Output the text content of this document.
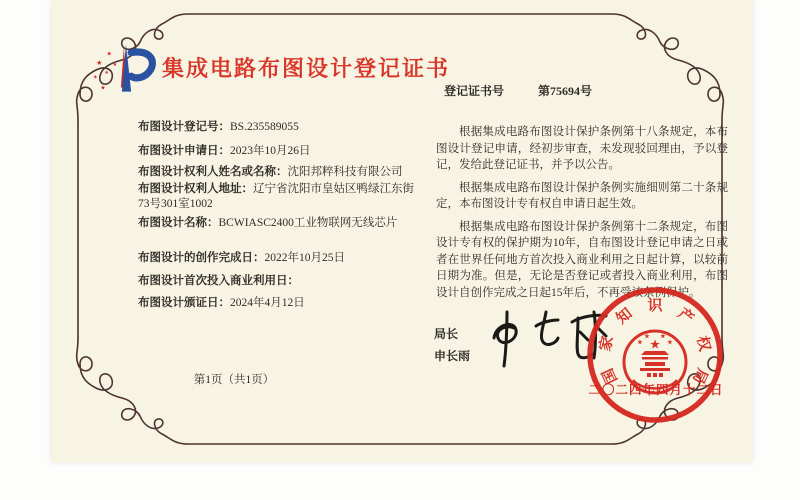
★
★
★
★
★
★
集成电路布图设计登记证书
登记证书号	第75694号

布图设计登记号：BS.235589055

布图设计申请日：2023年10月26日

布图设计权利人姓名或名称：沈阳邦粹科技有限公司

布图设计权利人地址：辽宁省沈阳市皇姑区鸭绿江东街73号301室1002

布图设计名称：BCWIASC2400工业物联网无线芯片

布图设计的创作完成日：2022年10月25日

布图设计首次投入商业利用日：

布图设计颁证日：2024年4月12日

根据集成电路布图设计保护条例第十八条规定，本布图设计登记申请，经初步审查，未发现驳回理由，予以登记，发给此登记证书，并予以公告。

根据集成电路布图设计保护条例实施细则第二十条规定，本布图设计专有权自申请日起生效。

根据集成电路布图设计保护条例第十二条规定，布图设计专有权的保护期为10年，自布图设计登记申请之日或者在世界任何地方首次投入商业利用之日起计算，以较前日期为准。但是，无论是否登记或者投入商业利用，布图设计自创作完成之日起15年后，不再受该条例保护。

局长
申长雨
国
家
知 识 产
权
局
★
★
★ ★
★
二〇二四年四月十二日
第1页（共1页）
